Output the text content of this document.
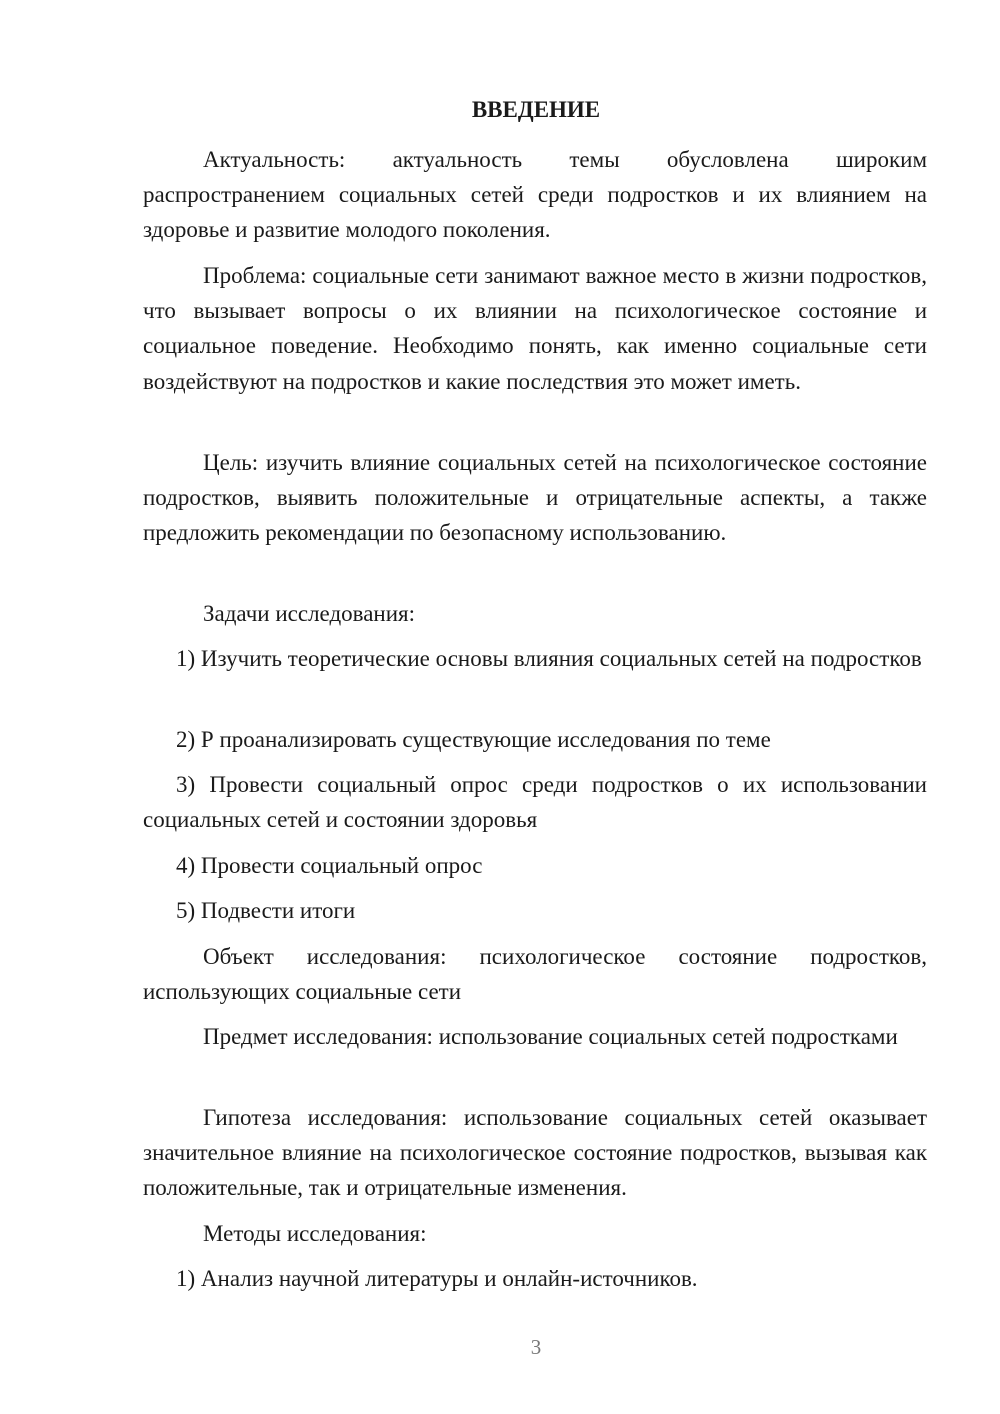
ВВЕДЕНИЕ

Актуальность: актуальность темы обусловлена широким распространением социальных сетей среди подростков и их влиянием на здоровье и развитие молодого поколения.

Проблема: социальные сети занимают важное место в жизни подростков, что вызывает вопросы о их влиянии на психологическое состояние и социальное поведение. Необходимо понять, как именно социальные сети воздействуют на подростков и какие последствия это может иметь.

Цель: изучить влияние социальных сетей на психологическое состояние подростков, выявить положительные и отрицательные аспекты, а также предложить рекомендации по безопасному использованию.

Задачи исследования:

1) Изучить теоретические основы влияния социальных сетей на подростков

2) Р проанализировать существующие исследования по теме

3) Провести социальный опрос среди подростков о их использовании социальных сетей и состоянии здоровья

4) Провести социальный опрос

5) Подвести итоги

Объект исследования: психологическое состояние подростков, использующих социальные сети

Предмет исследования: использование социальных сетей подростками

Гипотеза исследования: использование социальных сетей оказывает значительное влияние на психологическое состояние подростков, вызывая как положительные, так и отрицательные изменения.

Методы исследования:

1) Анализ научной литературы и онлайн-источников.

3
